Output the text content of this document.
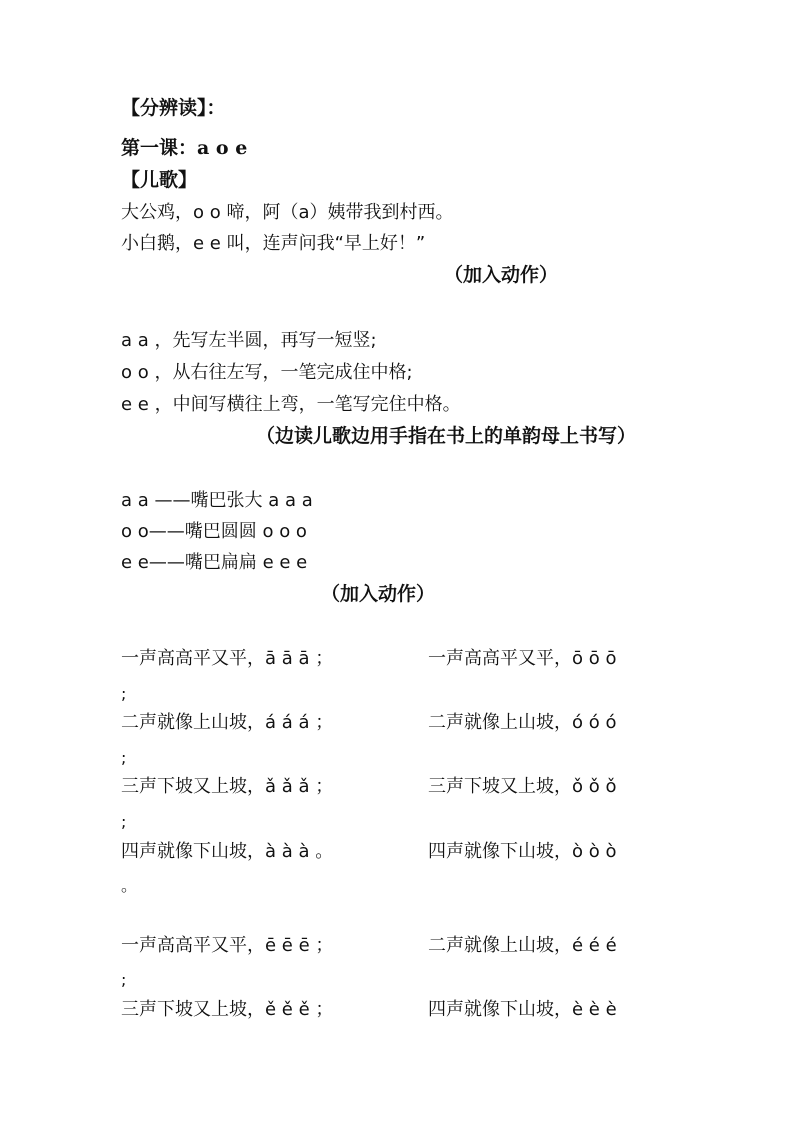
【分辨读】：
第一课：a o e
【儿歌】
大公鸡，o o 啼，阿（a）姨带我到村西。
小白鹅，e e 叫，连声问我“早上好！”
（加入动作）
a a ，先写左半圆，再写一短竖;
o o ，从右往左写，一笔完成住中格;
e e ，中间写横往上弯，一笔写完住中格。
（边读儿歌边用手指在书上的单韵母上书写）
a a ——嘴巴张大 a a a
o o——嘴巴圆圆 o o o
e e——嘴巴扁扁 e e e
（加入动作）
一声高高平又平，ā ā ā ；	一声高高平又平，ō ō ō
;
二声就像上山坡，á á á ；	二声就像上山坡，ó ó ó
;
三声下坡又上坡，ǎ ǎ ǎ ；	三声下坡又上坡，ǒ ǒ ǒ
;
四声就像下山坡，à à à 。	四声就像下山坡，ò ò ò
。
一声高高平又平，ē ē ē ；	二声就像上山坡，é é é
;
三声下坡又上坡，ě ě ě ；	四声就像下山坡，è è è
